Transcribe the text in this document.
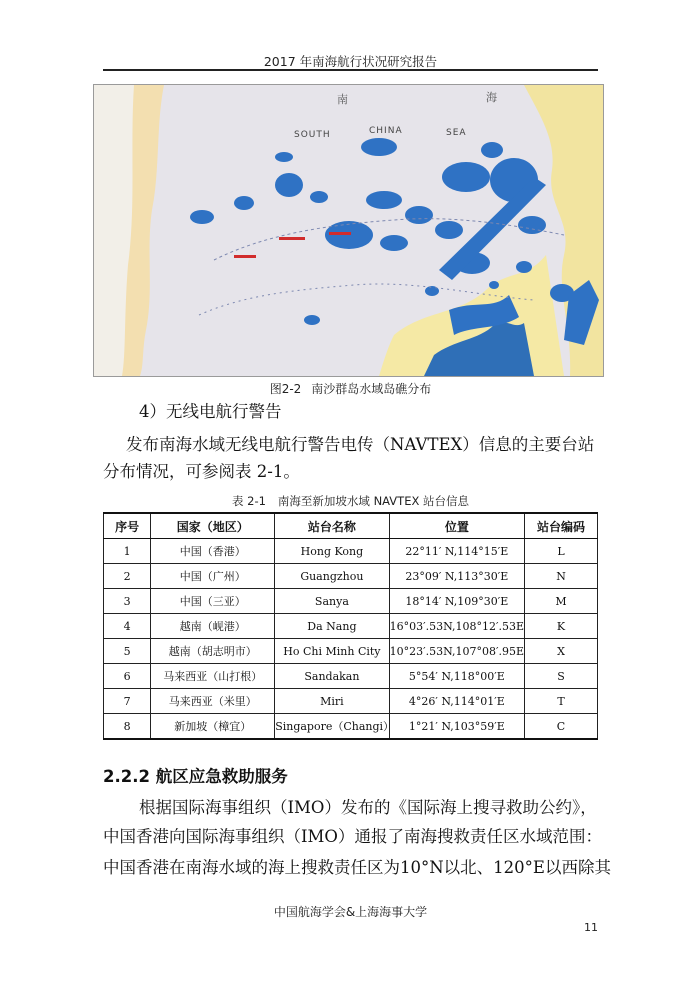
2017 年南海航行状况研究报告
南	海
SOUTH	CHINA	SEA
图2-2 南沙群岛水域岛礁分布
4）无线电航行警告
发布南海水域无线电航行警告电传（NAVTEX）信息的主要台站
分布情况，可参阅表 2-1。
表 2-1 南海至新加坡水域 NAVTEX 站台信息
序号	国家（地区）	站台名称	位置	站台编码
1	中国（香港）	Hong Kong	22°11′ N,114°15′E	L
2	中国（广州）	Guangzhou	23°09′ N,113°30′E	N
3	中国（三亚）	Sanya	18°14′ N,109°30′E	M
4	越南（岘港）	Da Nang	16°03′.53N,108°12′.53E	K
5	越南（胡志明市）	Ho Chi Minh City	10°23′.53N,107°08′.95E	X
6	马来西亚（山打根）	Sandakan	5°54′ N,118°00′E	S
7	马来西亚（米里）	Miri	4°26′ N,114°01′E	T
8	新加坡（樟宜）	Singapore（Changi）	1°21′ N,103°59′E	C
2.2.2 航区应急救助服务
根据国际海事组织（IMO）发布的《国际海上搜寻救助公约》，
中国香港向国际海事组织（IMO）通报了南海搜救责任区水域范围：
中国香港在南海水域的海上搜救责任区为10°N以北、120°E以西除其
中国航海学会&上海海事大学
11
